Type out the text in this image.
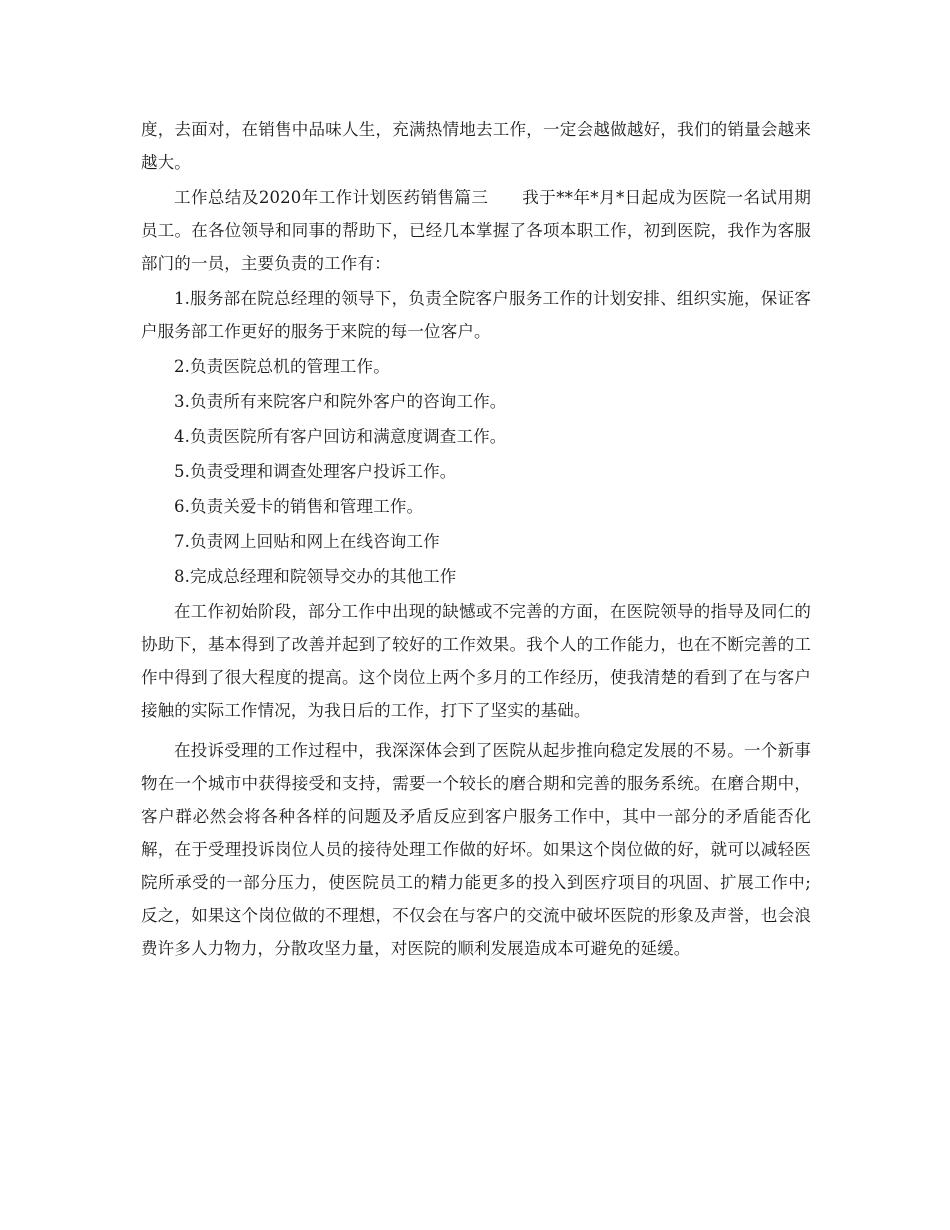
度，去面对，在销售中品味人生，充满热情地去工作，一定会越做越好，我们的销量会越来越大。

工作总结及2020年工作计划医药销售篇三　　我于**年*月*日起成为医院一名试用期员工。在各位领导和同事的帮助下，已经几本掌握了各项本职工作，初到医院，我作为客服部门的一员，主要负责的工作有：

1.服务部在院总经理的领导下，负责全院客户服务工作的计划安排、组织实施，保证客户服务部工作更好的服务于来院的每一位客户。

2.负责医院总机的管理工作。

3.负责所有来院客户和院外客户的咨询工作。

4.负责医院所有客户回访和满意度调查工作。

5.负责受理和调查处理客户投诉工作。

6.负责关爱卡的销售和管理工作。

7.负责网上回贴和网上在线咨询工作

8.完成总经理和院领导交办的其他工作

在工作初始阶段，部分工作中出现的缺憾或不完善的方面，在医院领导的指导及同仁的协助下，基本得到了改善并起到了较好的工作效果。我个人的工作能力，也在不断完善的工作中得到了很大程度的提高。这个岗位上两个多月的工作经历，使我清楚的看到了在与客户接触的实际工作情况，为我日后的工作，打下了坚实的基础。

在投诉受理的工作过程中，我深深体会到了医院从起步推向稳定发展的不易。一个新事物在一个城市中获得接受和支持，需要一个较长的磨合期和完善的服务系统。在磨合期中，客户群必然会将各种各样的问题及矛盾反应到客户服务工作中，其中一部分的矛盾能否化解，在于受理投诉岗位人员的接待处理工作做的好坏。如果这个岗位做的好，就可以减轻医院所承受的一部分压力，使医院员工的精力能更多的投入到医疗项目的巩固、扩展工作中;反之，如果这个岗位做的不理想，不仅会在与客户的交流中破坏医院的形象及声誉，也会浪费许多人力物力，分散攻坚力量，对医院的顺利发展造成本可避免的延缓。
